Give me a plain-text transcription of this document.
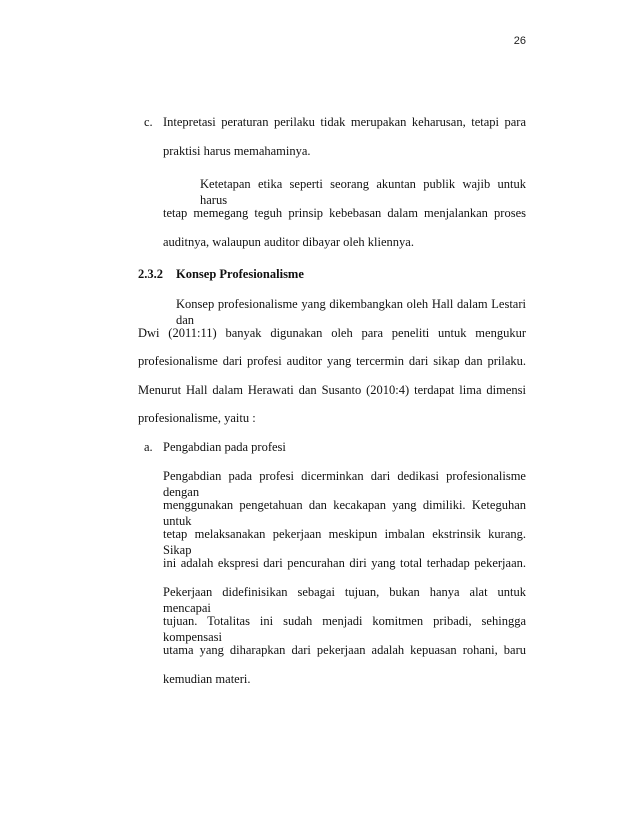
26
c. Intepretasi peraturan perilaku tidak merupakan keharusan, tetapi para
praktisi harus memahaminya.
Ketetapan etika seperti seorang akuntan publik wajib untuk harus
tetap memegang teguh prinsip kebebasan dalam menjalankan proses
auditnya, walaupun auditor dibayar oleh kliennya.
2.3.2 Konsep Profesionalisme
Konsep profesionalisme yang dikembangkan oleh Hall dalam Lestari dan
Dwi (2011:11) banyak digunakan oleh para peneliti untuk mengukur
profesionalisme dari profesi auditor yang tercermin dari sikap dan prilaku.
Menurut Hall dalam Herawati dan Susanto (2010:4) terdapat lima dimensi
profesionalisme, yaitu :
a. Pengabdian pada profesi
Pengabdian pada profesi dicerminkan dari dedikasi profesionalisme dengan
menggunakan pengetahuan dan kecakapan yang dimiliki. Keteguhan untuk
tetap melaksanakan pekerjaan meskipun imbalan ekstrinsik kurang. Sikap
ini adalah ekspresi dari pencurahan diri yang total terhadap pekerjaan.
Pekerjaan didefinisikan sebagai tujuan, bukan hanya alat untuk mencapai
tujuan. Totalitas ini sudah menjadi komitmen pribadi, sehingga kompensasi
utama yang diharapkan dari pekerjaan adalah kepuasan rohani, baru
kemudian materi.
